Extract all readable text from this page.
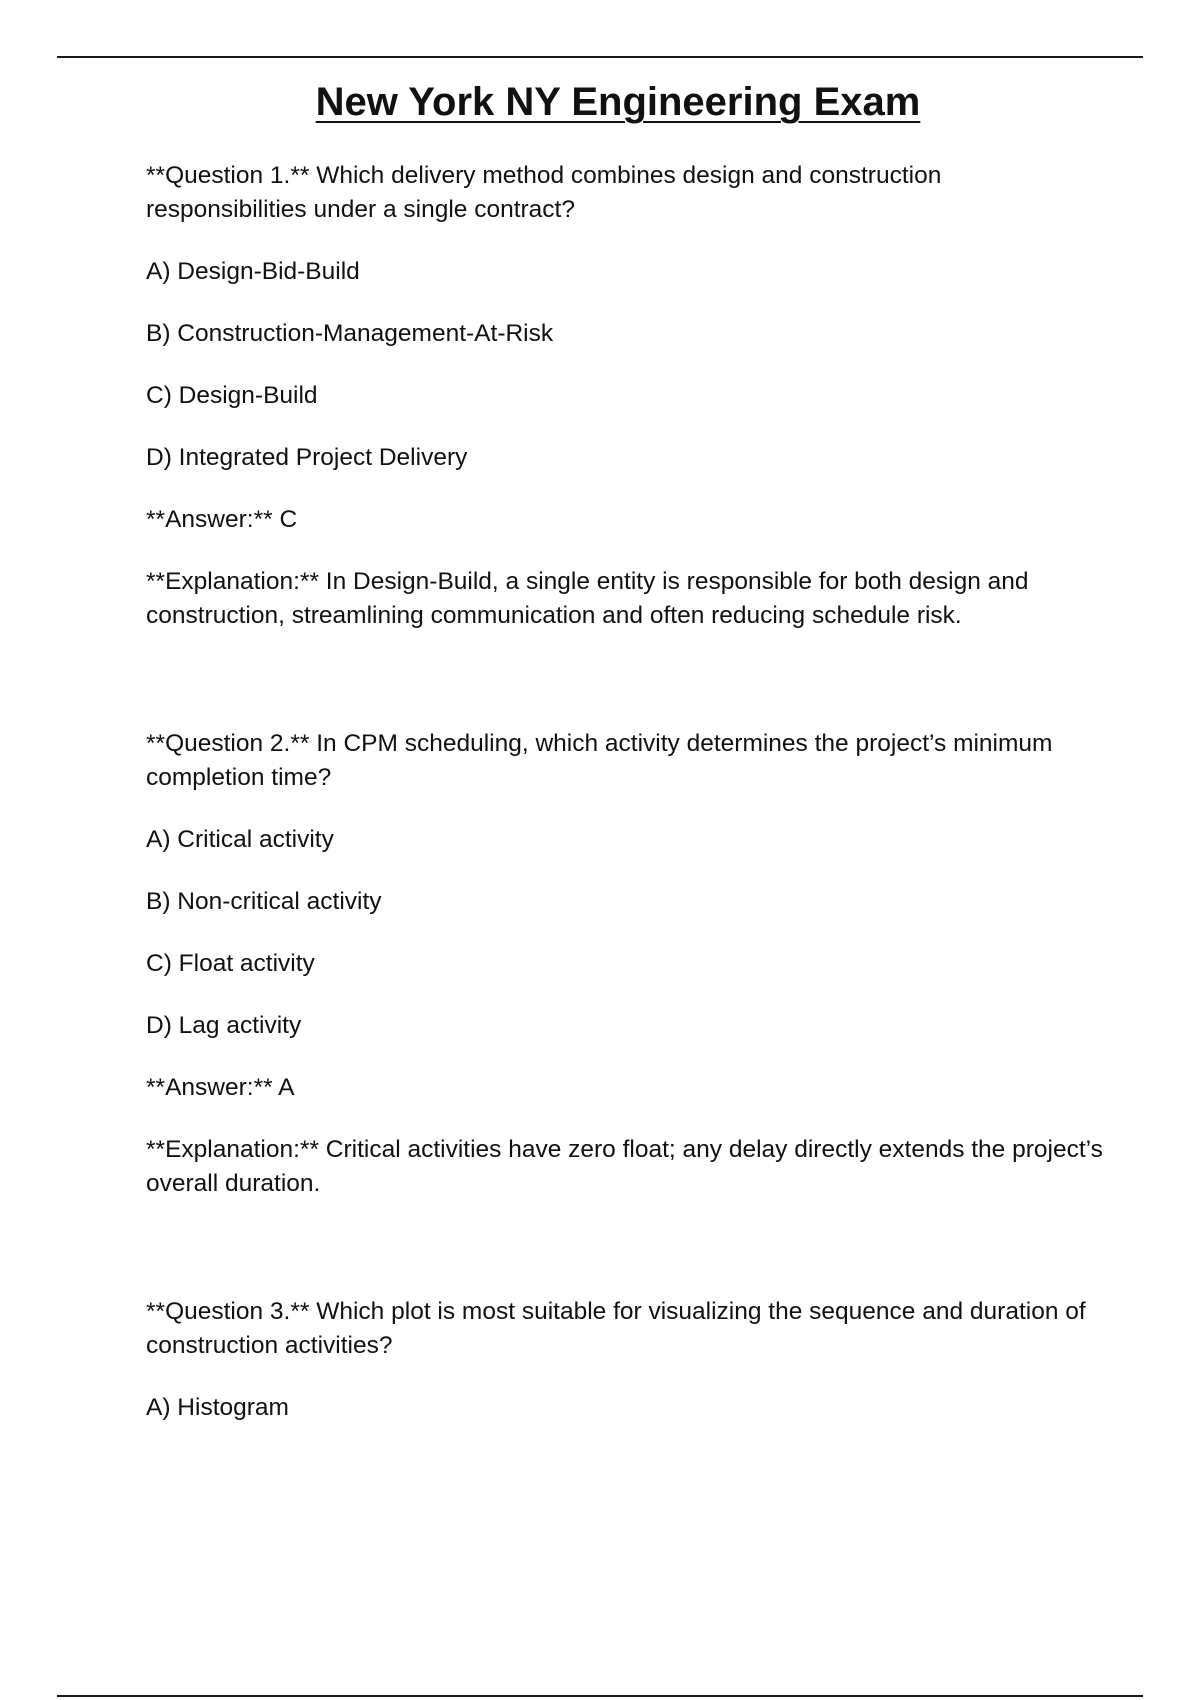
New York NY Engineering Exam

**Question 1.** Which delivery method combines design and construction responsibilities under a single contract?

A) Design-Bid-Build

B) Construction-Management-At-Risk

C) Design-Build

D) Integrated Project Delivery

**Answer:** C

**Explanation:** In Design-Build, a single entity is responsible for both design and construction, streamlining communication and often reducing schedule risk.

**Question 2.** In CPM scheduling, which activity determines the project’s minimum completion time?

A) Critical activity

B) Non-critical activity

C) Float activity

D) Lag activity

**Answer:** A

**Explanation:** Critical activities have zero float; any delay directly extends the project’s overall duration.

**Question 3.** Which plot is most suitable for visualizing the sequence and duration of construction activities?

A) Histogram
